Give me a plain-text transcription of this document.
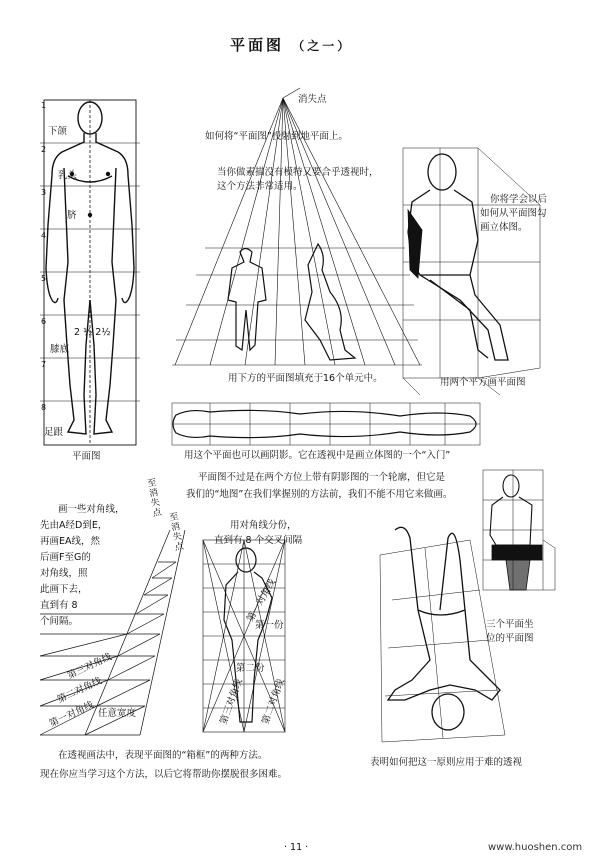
平面图 （之一）
下颌
乳头
脐
2 ½ 2½
膝底
足跟
1
2
3
4
5
6
7
8
平面图
消失点
如何将“平面图”投射到地平面上。
当你做素描没有模特又要合乎透视时，
这个方法非常适用。
用下方的平面图填充于16个单元中。
你将学会以后
如何从平面图勾
画立体图。
用两个平方画平面图
用这个平面也可以画阴影。它在透视中是画立体图的一个“入门”
平面图不过是在两个方位上带有阴影图的一个轮廓，但它是
我们的“地图”在我们掌握别的方法前，我们不能不用它来做画。
画一些对角线，
先由A经D到E，
再画EA线，然
后画F至G的
对角线，照
此画下去，
直到有 8
个间隔。
至消失点
至消失点
第三对角线
第二对角线
第一对角线 任意宽度
用对角线分份，
直到有 8 个交叉间隔
第一对角线
第一份
第二份
第三对角线 第二对角线
三个平面坐
位的平面图
在透视画法中，表现平面图的“箱框”的两种方法。
现在你应当学习这个方法，以后它将帮助你摆脱很多困难。
表明如何把这一原则应用于难的透视
· 11 ·	www.huoshen.com
